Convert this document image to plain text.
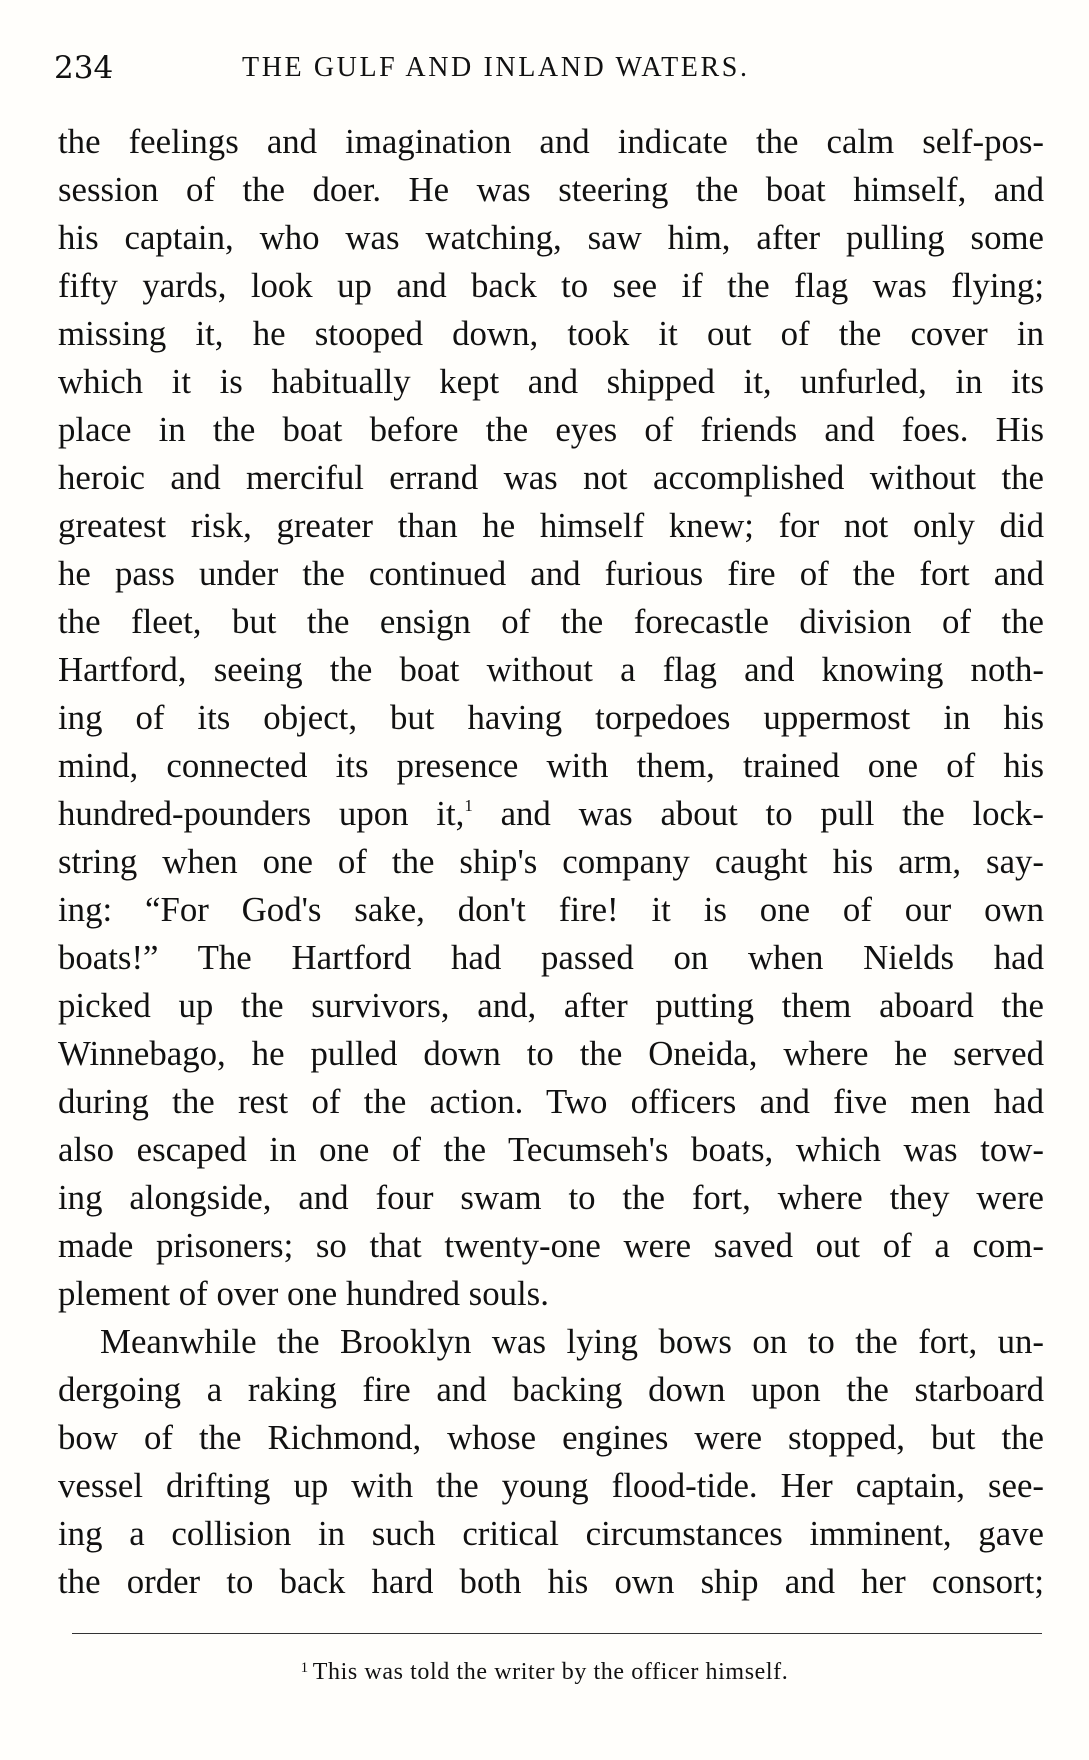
234	THE GULF AND INLAND WATERS.
the feelings and imagination and indicate the calm self-pos-
session of the doer. He was steering the boat himself, and
his captain, who was watching, saw him, after pulling some
fifty yards, look up and back to see if the flag was flying;
missing it, he stooped down, took it out of the cover in
which it is habitually kept and shipped it, unfurled, in its
place in the boat before the eyes of friends and foes. His
heroic and merciful errand was not accomplished without the
greatest risk, greater than he himself knew; for not only did
he pass under the continued and furious fire of the fort and
the fleet, but the ensign of the forecastle division of the
Hartford, seeing the boat without a flag and knowing noth-
ing of its object, but having torpedoes uppermost in his
mind, connected its presence with them, trained one of his
hundred-pounders upon it,$^1$ and was about to pull the lock-
string when one of the ship's company caught his arm, say-
ing: “For God's sake, don't fire! it is one of our own
boats!” The Hartford had passed on when Nields had
picked up the survivors, and, after putting them aboard the
Winnebago, he pulled down to the Oneida, where he served
during the rest of the action. Two officers and five men had
also escaped in one of the Tecumseh's boats, which was tow-
ing alongside, and four swam to the fort, where they were
made prisoners; so that twenty-one were saved out of a com-
plement of over one hundred souls.
Meanwhile the Brooklyn was lying bows on to the fort, un-
dergoing a raking fire and backing down upon the starboard
bow of the Richmond, whose engines were stopped, but the
vessel drifting up with the young flood-tide. Her captain, see-
ing a collision in such critical circumstances imminent, gave
the order to back hard both his own ship and her consort;
$^1$ This was told the writer by the officer himself.
